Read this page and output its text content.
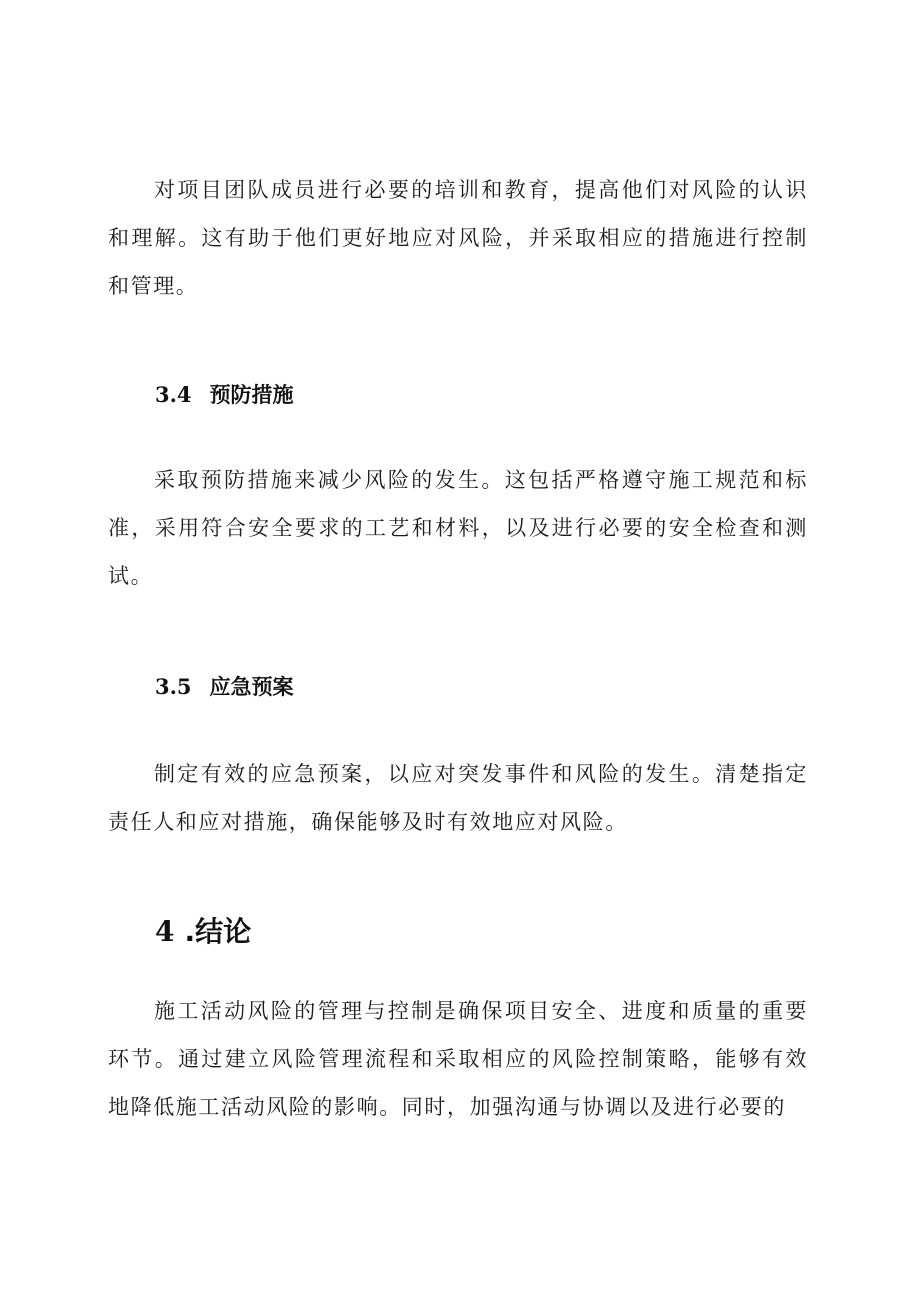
对项目团队成员进行必要的培训和教育，提高他们对风险的认识和理解。这有助于他们更好地应对风险，并采取相应的措施进行控制和管理。

3.4 预防措施

采取预防措施来减少风险的发生。这包括严格遵守施工规范和标准，采用符合安全要求的工艺和材料，以及进行必要的安全检查和测试。

3.5 应急预案

制定有效的应急预案，以应对突发事件和风险的发生。清楚指定责任人和应对措施，确保能够及时有效地应对风险。

4 .结论

施工活动风险的管理与控制是确保项目安全、进度和质量的重要环节。通过建立风险管理流程和采取相应的风险控制策略，能够有效地降低施工活动风险的影响。同时，加强沟通与协调以及进行必要的
